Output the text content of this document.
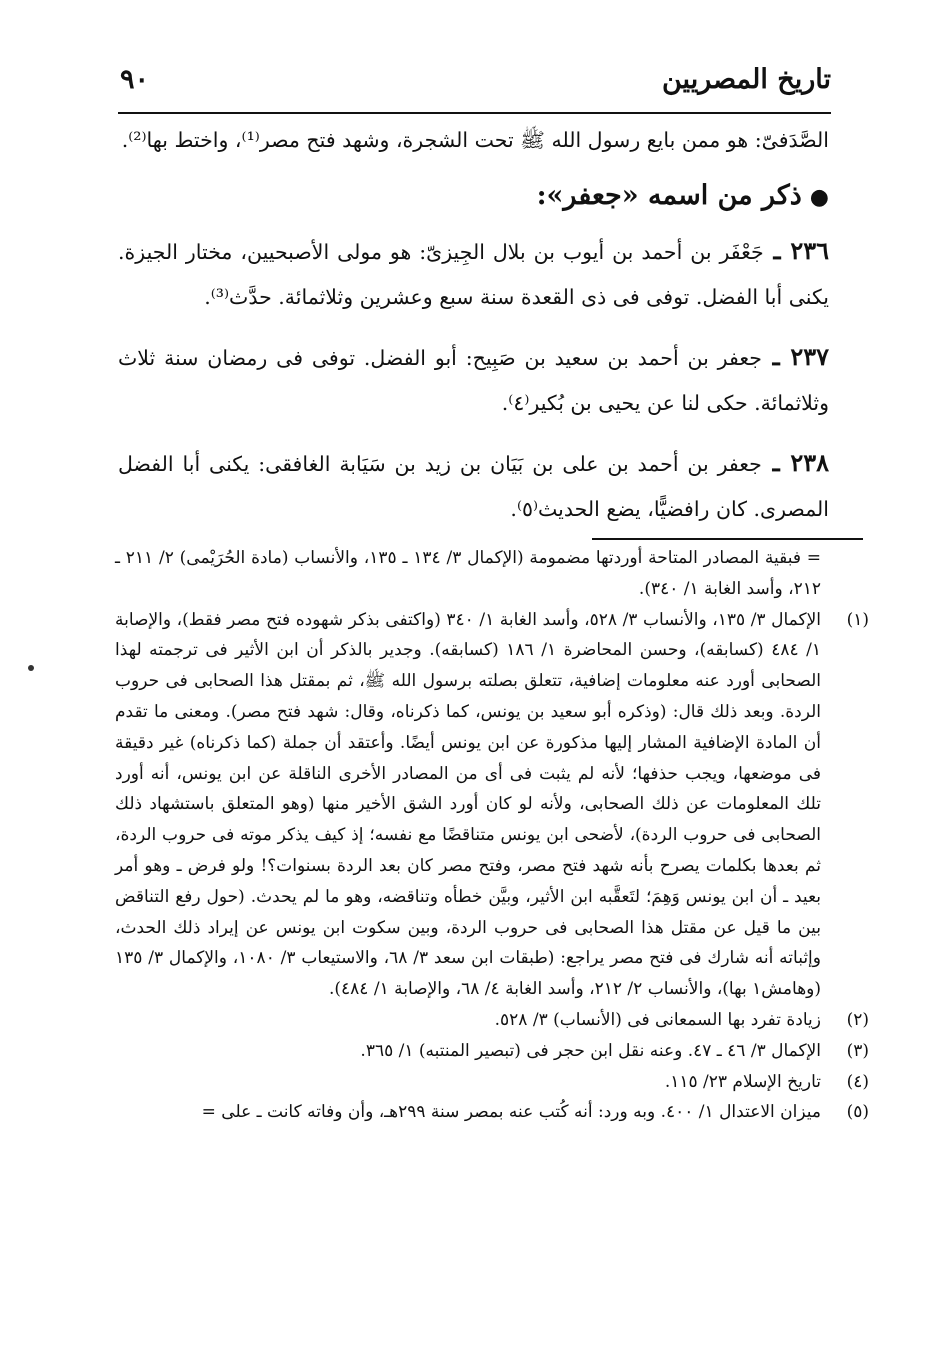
٩٠	تاريخ المصريين

الصَّدَفىّ: هو ممن بايع رسول الله ﷺ تحت الشجرة، وشهد فتح مصر⁽¹⁾، واختط بها⁽²⁾.

●ذكر من اسمه «جعفر»:

٢٣٦ ـ جَعْفَر بن أحمد بن أيوب بن بلال الجِيزىّ: هو مولى الأصبحيين، مختار الجيزة. يكنى أبا الفضل. توفى فى ذى القعدة سنة سبع وعشرين وثلاثمائة. حدَّث⁽³⁾.

٢٣٧ ـ جعفر بن أحمد بن سعيد بن صَبِيح: أبو الفضل. توفى فى رمضان سنة ثلاث وثلاثمائة. حكى لنا عن يحيى بن بُكير⁽٤⁾.

٢٣٨ ـ جعفر بن أحمد بن على بن بَيَان بن زيد بن سَيَابة الغافقى: يكنى أبا الفضل المصرى. كان رافضيًّا، يضع الحديث⁽٥⁾.

= فبقية المصادر المتاحة أوردتها مضمومة (الإكمال ٣/ ١٣٤ ـ ١٣٥، والأنساب (مادة الحُرَيْمى) ٢/ ٢١١ ـ ٢١٢، وأسد الغابة ١/ ٣٤٠).

(١)الإكمال ٣/ ١٣٥، والأنساب ٣/ ٥٢٨، وأسد الغابة ١/ ٣٤٠ (واكتفى بذكر شهوده فتح مصر فقط)، والإصابة ١/ ٤٨٤ (كسابقه)، وحسن المحاضرة ١/ ١٨٦ (كسابقه). وجدير بالذكر أن ابن الأثير فى ترجمته لهذا الصحابى أورد عنه معلومات إضافية، تتعلق بصلته برسول الله ﷺ، ثم بمقتل هذا الصحابى فى حروب الردة. وبعد ذلك قال: (وذكره أبو سعيد بن يونس، كما ذكرناه، وقال: شهد فتح مصر). ومعنى ما تقدم أن المادة الإضافية المشار إليها مذكورة عن ابن يونس أيضًا. وأعتقد أن جملة (كما ذكرناه) غير دقيقة فى موضعها، ويجب حذفها؛ لأنه لم يثبت فى أى من المصادر الأخرى الناقلة عن ابن يونس، أنه أورد تلك المعلومات عن ذلك الصحابى، ولأنه لو كان أورد الشق الأخير منها (وهو المتعلق باستشهاد ذلك الصحابى فى حروب الردة)، لأضحى ابن يونس متناقضًا مع نفسه؛ إذ كيف يذكر موته فى حروب الردة، ثم بعدها بكلمات يصرح بأنه شهد فتح مصر، وفتح مصر كان بعد الردة بسنوات؟! ولو فرض ـ وهو أمر بعيد ـ أن ابن يونس وَهِمَ؛ لتَعقَّبه ابن الأثير، وبيَّن خطأه وتناقضه، وهو ما لم يحدث. (حول رفع التناقض بين ما قيل عن مقتل هذا الصحابى فى حروب الردة، وبين سكوت ابن يونس عن إيراد ذلك الحدث، وإثباته أنه شارك فى فتح مصر يراجع: (طبقات ابن سعد ٣/ ٦٨، والاستيعاب ٣/ ١٠٨٠، والإكمال ٣/ ١٣٥ (وهامش١ بها)، والأنساب ٢/ ٢١٢، وأسد الغابة ٤/ ٦٨، والإصابة ١/ ٤٨٤).

(٢)زيادة تفرد بها السمعانى فى (الأنساب) ٣/ ٥٢٨.

(٣)الإكمال ٣/ ٤٦ ـ ٤٧. وعنه نقل ابن حجر فى (تبصير المنتبه) ١/ ٣٦٥.

(٤)تاريخ الإسلام ٢٣/ ١١٥.

(٥)ميزان الاعتدال ١/ ٤٠٠. وبه ورد: أنه كُتب عنه بمصر سنة ٢٩٩هـ، وأن وفاته كانت ـ على =
